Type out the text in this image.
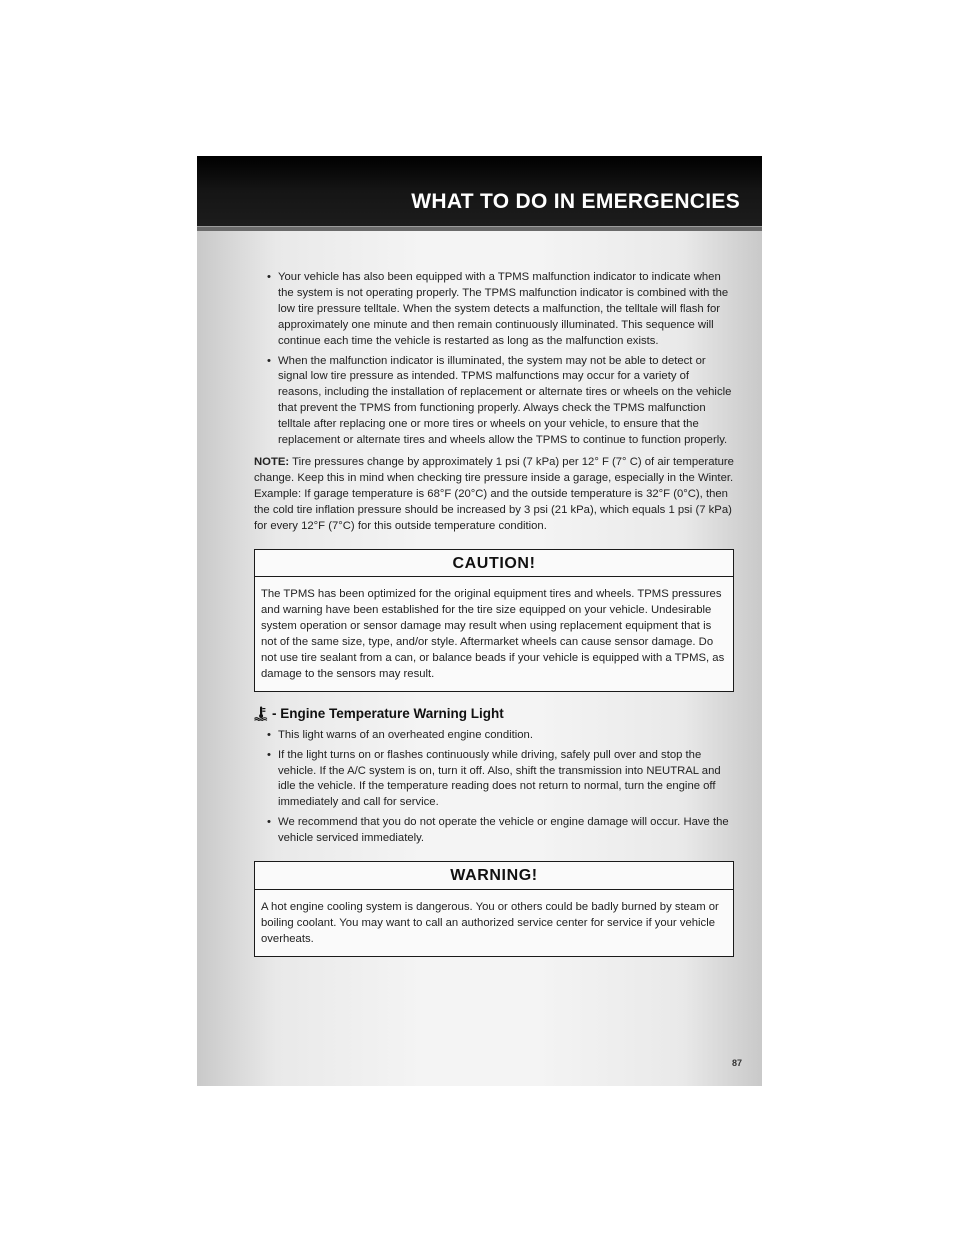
WHAT TO DO IN EMERGENCIES
• Your vehicle has also been equipped with a TPMS malfunction indicator to indicate when the system is not operating properly. The TPMS malfunction indicator is combined with the low tire pressure telltale. When the system detects a malfunction, the telltale will flash for approximately one minute and then remain continuously illuminated. This sequence will continue each time the vehicle is restarted as long as the malfunction exists.
• When the malfunction indicator is illuminated, the system may not be able to detect or signal low tire pressure as intended. TPMS malfunctions may occur for a variety of reasons, including the installation of replacement or alternate tires or wheels on the vehicle that prevent the TPMS from functioning properly. Always check the TPMS malfunction telltale after replacing one or more tires or wheels on your vehicle, to ensure that the replacement or alternate tires and wheels allow the TPMS to continue to function properly.

NOTE: Tire pressures change by approximately 1 psi (7 kPa) per 12° F (7° C) of air temperature change. Keep this in mind when checking tire pressure inside a garage, especially in the Winter. Example: If garage temperature is 68°F (20°C) and the outside temperature is 32°F (0°C), then the cold tire inflation pressure should be increased by 3 psi (21 kPa), which equals 1 psi (7 kPa) for every 12°F (7°C) for this outside temperature condition.

CAUTION!
The TPMS has been optimized for the original equipment tires and wheels. TPMS pressures and warning have been established for the tire size equipped on your vehicle. Undesirable system operation or sensor damage may result when using replacement equipment that is not of the same size, type, and/or style. Aftermarket wheels can cause sensor damage. Do not use tire sealant from a can, or balance beads if your vehicle is equipped with a TPMS, as damage to the sensors may result.
- Engine Temperature Warning Light
• This light warns of an overheated engine condition.
• If the light turns on or flashes continuously while driving, safely pull over and stop the vehicle. If the A/C system is on, turn it off. Also, shift the transmission into NEUTRAL and idle the vehicle. If the temperature reading does not return to normal, turn the engine off immediately and call for service.
• We recommend that you do not operate the vehicle or engine damage will occur. Have the vehicle serviced immediately.
WARNING!
A hot engine cooling system is dangerous. You or others could be badly burned by steam or boiling coolant. You may want to call an authorized service center for service if your vehicle overheats.
87
